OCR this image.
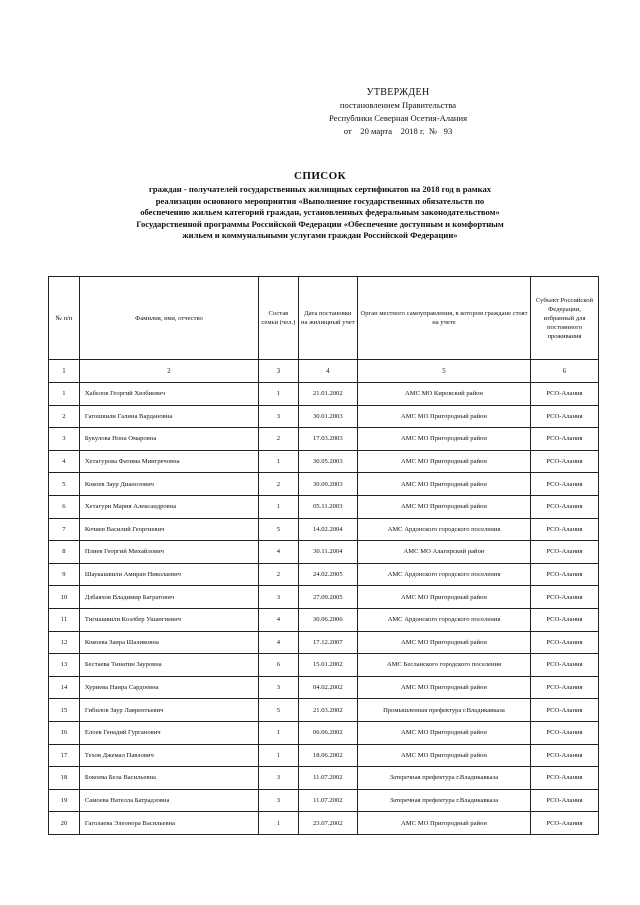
УТВЕРЖДЕН
постановлением Правительства
Республики Северная Осетия-Алания
от    20 марта    2018 г.  №   93
СПИСОК
граждан - получателей государственных жилищных сертификатов на 2018 год в рамках
реализации основного мероприятия «Выполнение государственных обязательств по
обеспечению жильем категорий граждан, установленных федеральным законодательством»
Государственной программы Российской Федерации «Обеспечение доступным и комфортным
жильем и коммунальными услугами граждан Российской Федерации»
№ п/п	Фамилия, имя, отчество	Состав семьи (чел.)	Дата постановки на жилищный учет	Орган местного самоуправления, в котором граждане стоят на учете	Субъект Российской Федерации, избранный для постоянного проживания
1	2	3	4	5	6
1	Хабелов Георгий Хизбиевич	1	21.01.2002	АМС МО Кировский район	РСО-Алания
2	Гагошвили Галина Вардановна	3	30.01.2003	АМС МО Пригородный район	РСО-Алания
3	Букулова Нона Омаровна	2	17.03.2003	АМС МО Пригородный район	РСО-Алания
4	Хетагурова Фатима Мингречовна	1	30.05.2003	АМС МО Пригородный район	РСО-Алания
5	Кокоев Заур Дианозович	2	30.09.2003	АМС МО Пригородный район	РСО-Алания
6	Хетагури Мария Александровна	1	05.11.2003	АМС МО Пригородный район	РСО-Алания
7	Кочиев Василий Георгиевич	5	14.02.2004	АМС Ардонского городского поселения	РСО-Алания
8	Плиев Георгий Михайлович	4	30.11.2004	АМС МО Алагирский район	РСО-Алания
9	Шаукашвили Амиран Николаевич	2	24.02.2005	АМС Ардонского городского поселения	РСО-Алания
10	Дзбаяхов Владимир Багратович	3	27.09.2005	АМС МО Пригородный район	РСО-Алания
11	Тигиашвили Коэлбер Ушангиевич	4	30.06.2006	АМС Ардонского городского поселения	РСО-Алания
12	Кокоева Заира Шаликовна	4	17.12.2007	АМС МО Пригородный район	РСО-Алания
13	Бестаева Тинатин Зауровна	6	15.01.2002	АМС Бесланского городского поселения	РСО-Алания
14	Хуриева Наира Сардоевна	3	04.02.2002	АМС МО Пригородный район	РСО-Алания
15	Гибилов Заур Лаврентьевич	5	21.03.2002	Промышленная префектура г.Владикавказа	РСО-Алания
16	Елоев Генадий Гурганович	1	06.06.2002	АМС МО Пригородный район	РСО-Алания
17	Техов Джемал Павлович	1	18.06.2002	АМС МО Пригородный район	РСО-Алания
18	Бокоева Бела Васильевна	3	11.07.2002	Затеречная префектура г.Владикавказа	РСО-Алания
19	Самоева Нателла Батрадзовна	3	11.07.2002	Затеречная префектура г.Владикавказа	РСО-Алания
20	Гаголаева Элеонора Васильевна	1	23.07.2002	АМС МО Пригородный район	РСО-Алания
